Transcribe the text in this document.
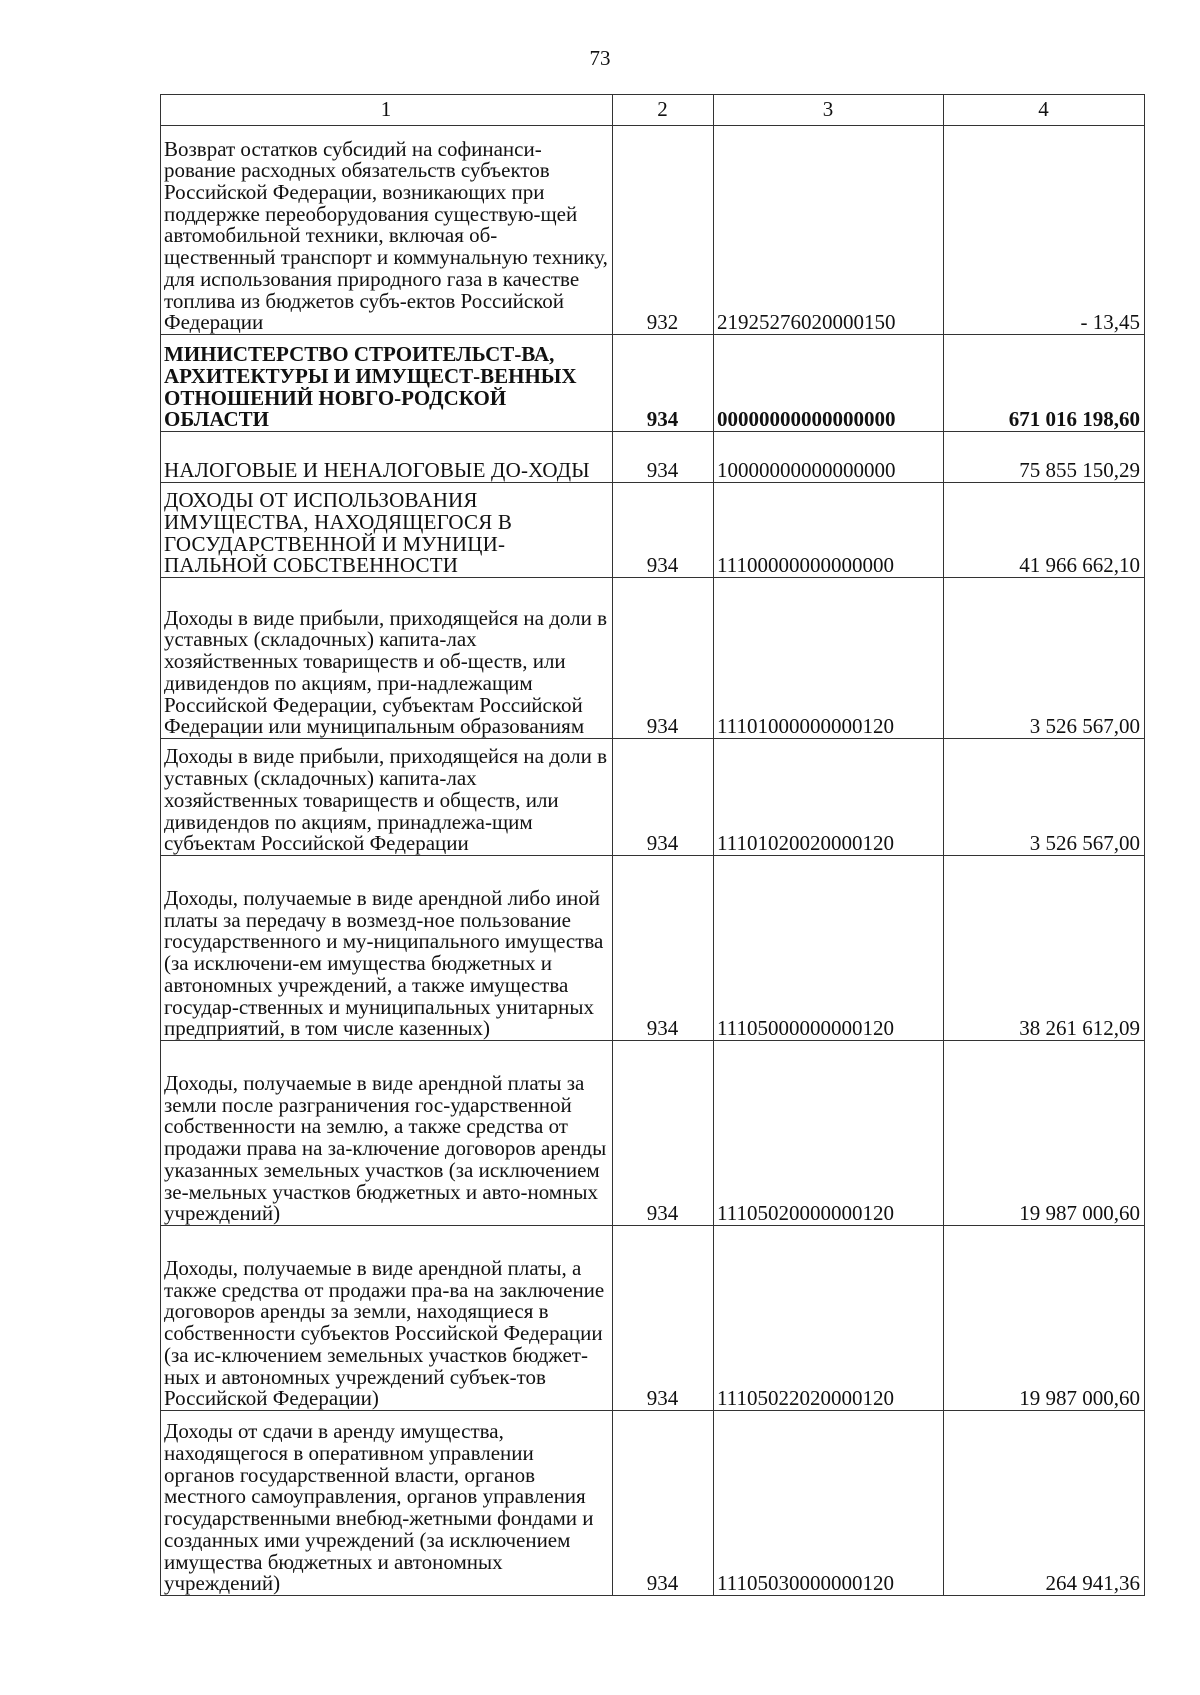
73
1	2	3	4
Возврат остатков субсидий на софинанси-рование расходных обязательств субъектов Российской Федерации, возникающих при поддержке переоборудования существую-щей автомобильной техники, включая об-щественный транспорт и коммунальную технику, для использования природного газа в качестве топлива из бюджетов субъ-ектов Российской Федерации	932	21925276020000150	- 13,45
МИНИСТЕРСТВО СТРОИТЕЛЬСТ-ВА, АРХИТЕКТУРЫ И ИМУЩЕСТ-ВЕННЫХ ОТНОШЕНИЙ НОВГО-РОДСКОЙ ОБЛАСТИ	934	00000000000000000	671 016 198,60
НАЛОГОВЫЕ И НЕНАЛОГОВЫЕ ДО-ХОДЫ	934	10000000000000000	75 855 150,29
ДОХОДЫ ОТ ИСПОЛЬЗОВАНИЯ ИМУЩЕСТВА, НАХОДЯЩЕГОСЯ В ГОСУДАРСТВЕННОЙ И МУНИЦИ-ПАЛЬНОЙ СОБСТВЕННОСТИ	934	11100000000000000	41 966 662,10
Доходы в виде прибыли, приходящейся на доли в уставных (складочных) капита-лах хозяйственных товариществ и об-ществ, или дивидендов по акциям, при-надлежащим Российской Федерации, субъектам Российской Федерации или муниципальным образованиям	934	11101000000000120	3 526 567,00
Доходы в виде прибыли, приходящейся на доли в уставных (складочных) капита-лах хозяйственных товариществ и обществ, или дивидендов по акциям, принадлежа-щим субъектам Российской Федерации	934	11101020020000120	3 526 567,00
Доходы, получаемые в виде арендной либо иной платы за передачу в возмезд-ное пользование государственного и му-ниципального имущества (за исключени-ем имущества бюджетных и автономных учреждений, а также имущества государ-ственных и муниципальных унитарных предприятий, в том числе казенных)	934	11105000000000120	38 261 612,09
Доходы, получаемые в виде арендной платы за земли после разграничения гос-ударственной собственности на землю, а также средства от продажи права на за-ключение договоров аренды указанных земельных участков (за исключением зе-мельных участков бюджетных и авто-номных учреждений)	934	11105020000000120	19 987 000,60
Доходы, получаемые в виде арендной платы, а также средства от продажи пра-ва на заключение договоров аренды за земли, находящиеся в собственности субъектов Российской Федерации (за ис-ключением земельных участков бюджет-ных и автономных учреждений субъек-тов Российской Федерации)	934	11105022020000120	19 987 000,60
Доходы от сдачи в аренду имущества, находящегося в оперативном управлении органов государственной власти, органов местного самоуправления, органов управления государственными внебюд-жетными фондами и созданных ими учреждений (за исключением имущества бюджетных и автономных учреждений)	934	11105030000000120	264 941,36
